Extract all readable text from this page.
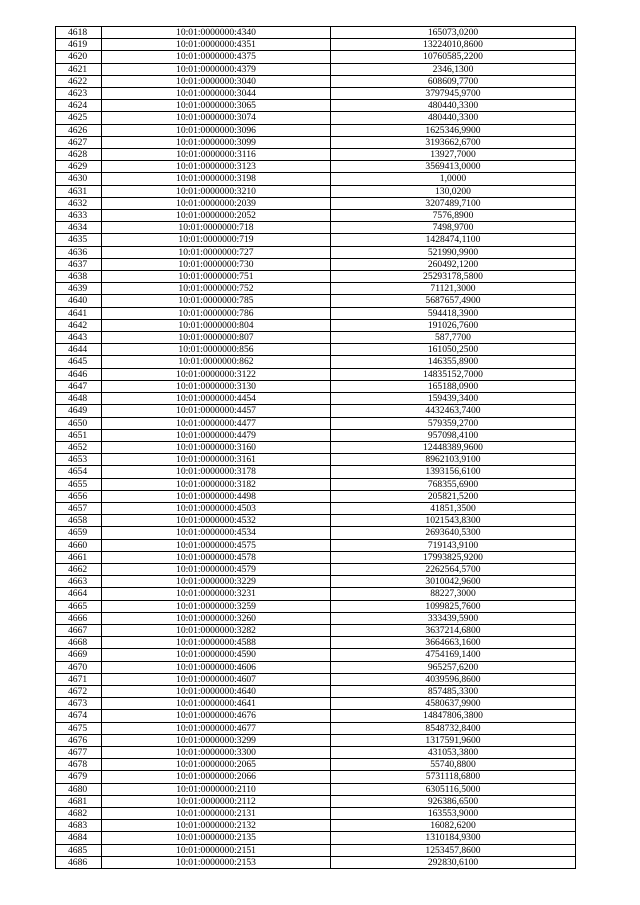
4618	10:01:0000000:4340	165073,0200
4619	10:01:0000000:4351	13224010,8600
4620	10:01:0000000:4375	10760585,2200
4621	10:01:0000000:4379	2346,1300
4622	10:01:0000000:3040	608609,7700
4623	10:01:0000000:3044	3797945,9700
4624	10:01:0000000:3065	480440,3300
4625	10:01:0000000:3074	480440,3300
4626	10:01:0000000:3096	1625346,9900
4627	10:01:0000000:3099	3193662,6700
4628	10:01:0000000:3116	13927,7000
4629	10:01:0000000:3123	3569413,0000
4630	10:01:0000000:3198	1,0000
4631	10:01:0000000:3210	130,0200
4632	10:01:0000000:2039	3207489,7100
4633	10:01:0000000:2052	7576,8900
4634	10:01:0000000:718	7498,9700
4635	10:01:0000000:719	1428474,1100
4636	10:01:0000000:727	521990,9900
4637	10:01:0000000:730	260492,1200
4638	10:01:0000000:751	25293178,5800
4639	10:01:0000000:752	71121,3000
4640	10:01:0000000:785	5687657,4900
4641	10:01:0000000:786	594418,3900
4642	10:01:0000000:804	191026,7600
4643	10:01:0000000:807	587,7700
4644	10:01:0000000:856	161050,2500
4645	10:01:0000000:862	146355,8900
4646	10:01:0000000:3122	14835152,7000
4647	10:01:0000000:3130	165188,0900
4648	10:01:0000000:4454	159439,3400
4649	10:01:0000000:4457	4432463,7400
4650	10:01:0000000:4477	579359,2700
4651	10:01:0000000:4479	957098,4100
4652	10:01:0000000:3160	12448389,9600
4653	10:01:0000000:3161	8962103,9100
4654	10:01:0000000:3178	1393156,6100
4655	10:01:0000000:3182	768355,6900
4656	10:01:0000000:4498	205821,5200
4657	10:01:0000000:4503	41851,3500
4658	10:01:0000000:4532	1021543,8300
4659	10:01:0000000:4534	2693640,5300
4660	10:01:0000000:4575	719143,9100
4661	10:01:0000000:4578	17993825,9200
4662	10:01:0000000:4579	2262564,5700
4663	10:01:0000000:3229	3010042,9600
4664	10:01:0000000:3231	88227,3000
4665	10:01:0000000:3259	1099825,7600
4666	10:01:0000000:3260	333439,5900
4667	10:01:0000000:3282	3637214,6800
4668	10:01:0000000:4588	3664663,1600
4669	10:01:0000000:4590	4754169,1400
4670	10:01:0000000:4606	965257,6200
4671	10:01:0000000:4607	4039596,8600
4672	10:01:0000000:4640	857485,3300
4673	10:01:0000000:4641	4580637,9900
4674	10:01:0000000:4676	14847806,3800
4675	10:01:0000000:4677	8548732,8400
4676	10:01:0000000:3299	1317591,9600
4677	10:01:0000000:3300	431053,3800
4678	10:01:0000000:2065	55740,8800
4679	10:01:0000000:2066	5731118,6800
4680	10:01:0000000:2110	6305116,5000
4681	10:01:0000000:2112	926386,6500
4682	10:01:0000000:2131	163553,9000
4683	10:01:0000000:2132	16082,6200
4684	10:01:0000000:2135	1310184,9300
4685	10:01:0000000:2151	1253457,8600
4686	10:01:0000000:2153	292830,6100
